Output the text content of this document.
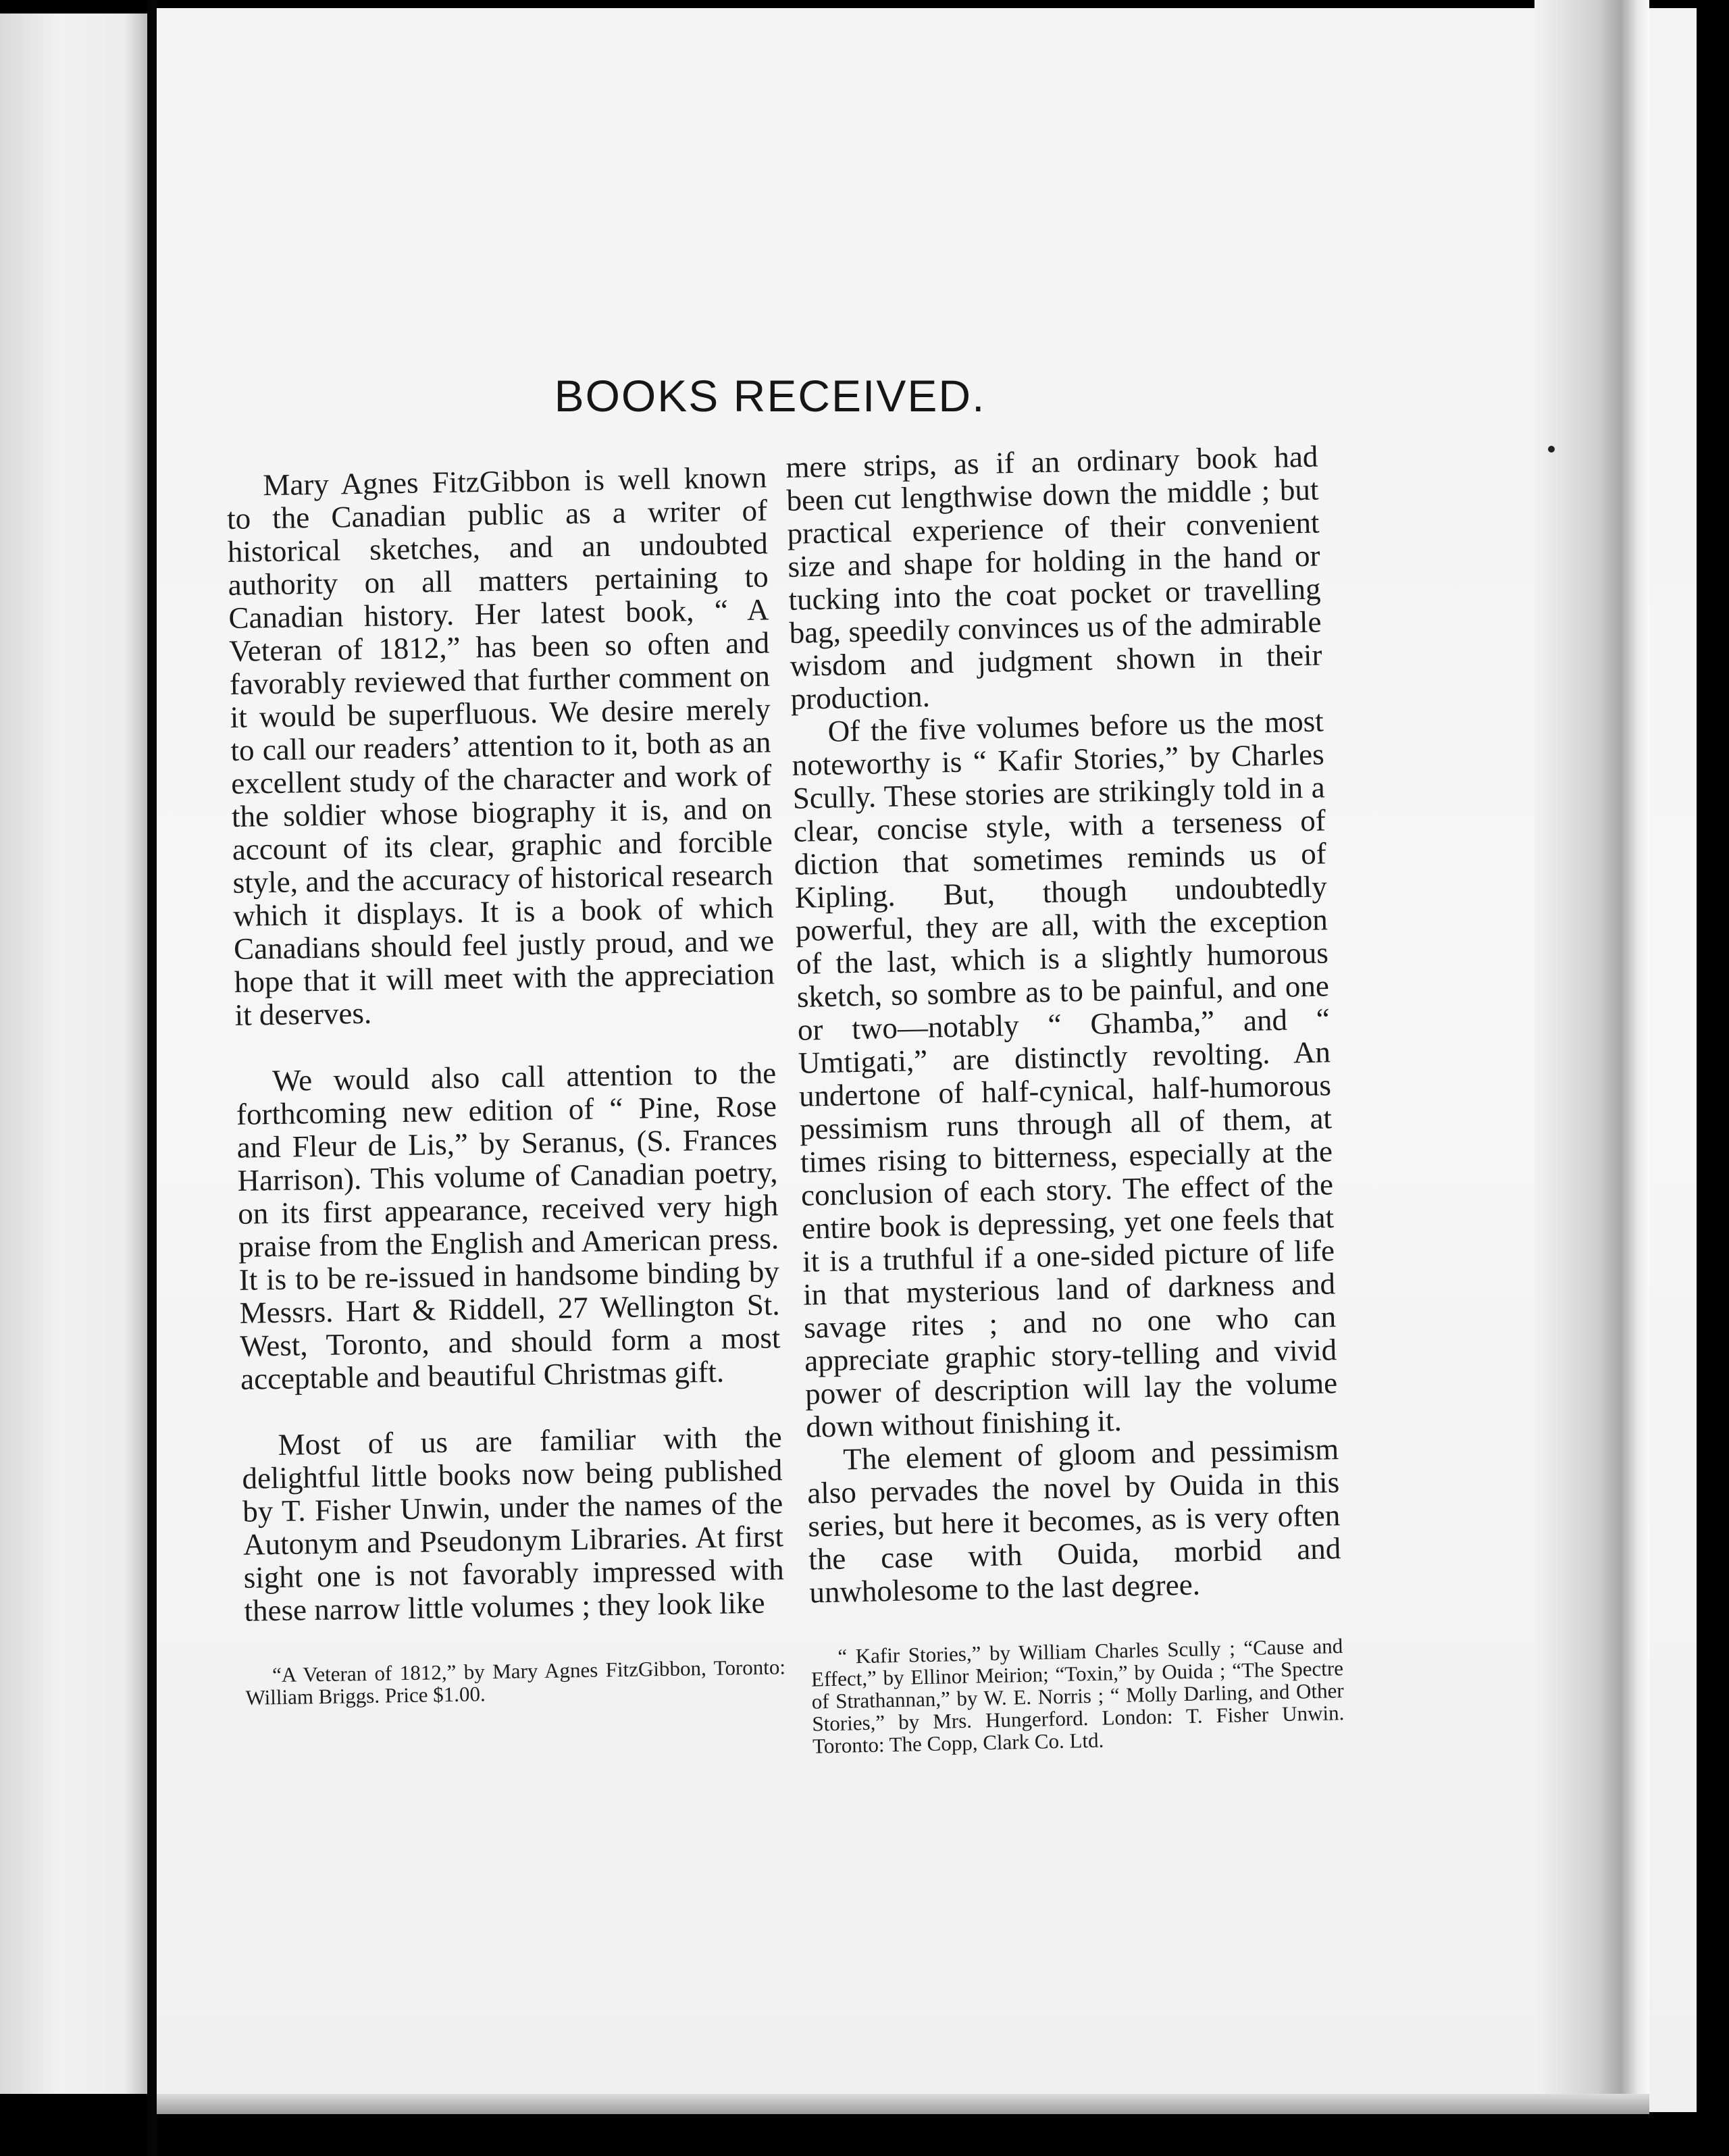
BOOKS RECEIVED.

Mary Agnes FitzGibbon is well known to the Canadian public as a writer of historical sketches, and an undoubted authority on all matters pertaining to Canadian history. Her latest book, “ A Veteran of 1812,” has been so often and favorably reviewed that further comment on it would be superfluous. We desire merely to call our readers’ attention to it, both as an excellent study of the character and work of the soldier whose biography it is, and on account of its clear, graphic and forcible style, and the accuracy of historical research which it displays. It is a book of which Canadians should feel justly proud, and we hope that it will meet with the appreciation it deserves.

We would also call attention to the forthcoming new edition of “ Pine, Rose and Fleur de Lis,” by Seranus, (S. Frances Harrison). This volume of Canadian poetry, on its first appearance, received very high praise from the English and American press. It is to be re-issued in handsome binding by Messrs. Hart & Riddell, 27 Wellington St. West, Toronto, and should form a most acceptable and beautiful Christmas gift.

Most of us are familiar with the delightful little books now being published by T. Fisher Unwin, under the names of the Autonym and Pseudonym Libraries. At first sight one is not favorably impressed with these narrow little volumes ; they look like

“A Veteran of 1812,” by Mary Agnes FitzGibbon, Toronto: William Briggs. Price $1.00.

mere strips, as if an ordinary book had been cut lengthwise down the middle ; but practical experience of their convenient size and shape for holding in the hand or tucking into the coat pocket or travelling bag, speedily convinces us of the admirable wisdom and judgment shown in their production.

Of the five volumes before us the most noteworthy is “ Kafir Stories,” by Charles Scully. These stories are strikingly told in a clear, concise style, with a terseness of diction that sometimes reminds us of Kipling. But, though undoubtedly powerful, they are all, with the exception of the last, which is a slightly humorous sketch, so sombre as to be painful, and one or two—notably “ Ghamba,” and “ Umtigati,” are distinctly revolting. An undertone of half-cynical, half-humorous pessimism runs through all of them, at times rising to bitterness, especially at the conclusion of each story. The effect of the entire book is depressing, yet one feels that it is a truthful if a one-sided picture of life in that mysterious land of darkness and savage rites ; and no one who can appreciate graphic story-telling and vivid power of description will lay the volume down without finishing it.

The element of gloom and pessimism also pervades the novel by Ouida in this series, but here it becomes, as is very often the case with Ouida, morbid and unwholesome to the last degree.

“ Kafir Stories,” by William Charles Scully ; “Cause and Effect,” by Ellinor Meirion; “Toxin,” by Ouida ; “The Spectre of Strathannan,” by W. E. Norris ; “ Molly Darling, and Other Stories,” by Mrs. Hungerford. London: T. Fisher Unwin. Toronto: The Copp, Clark Co. Ltd.
